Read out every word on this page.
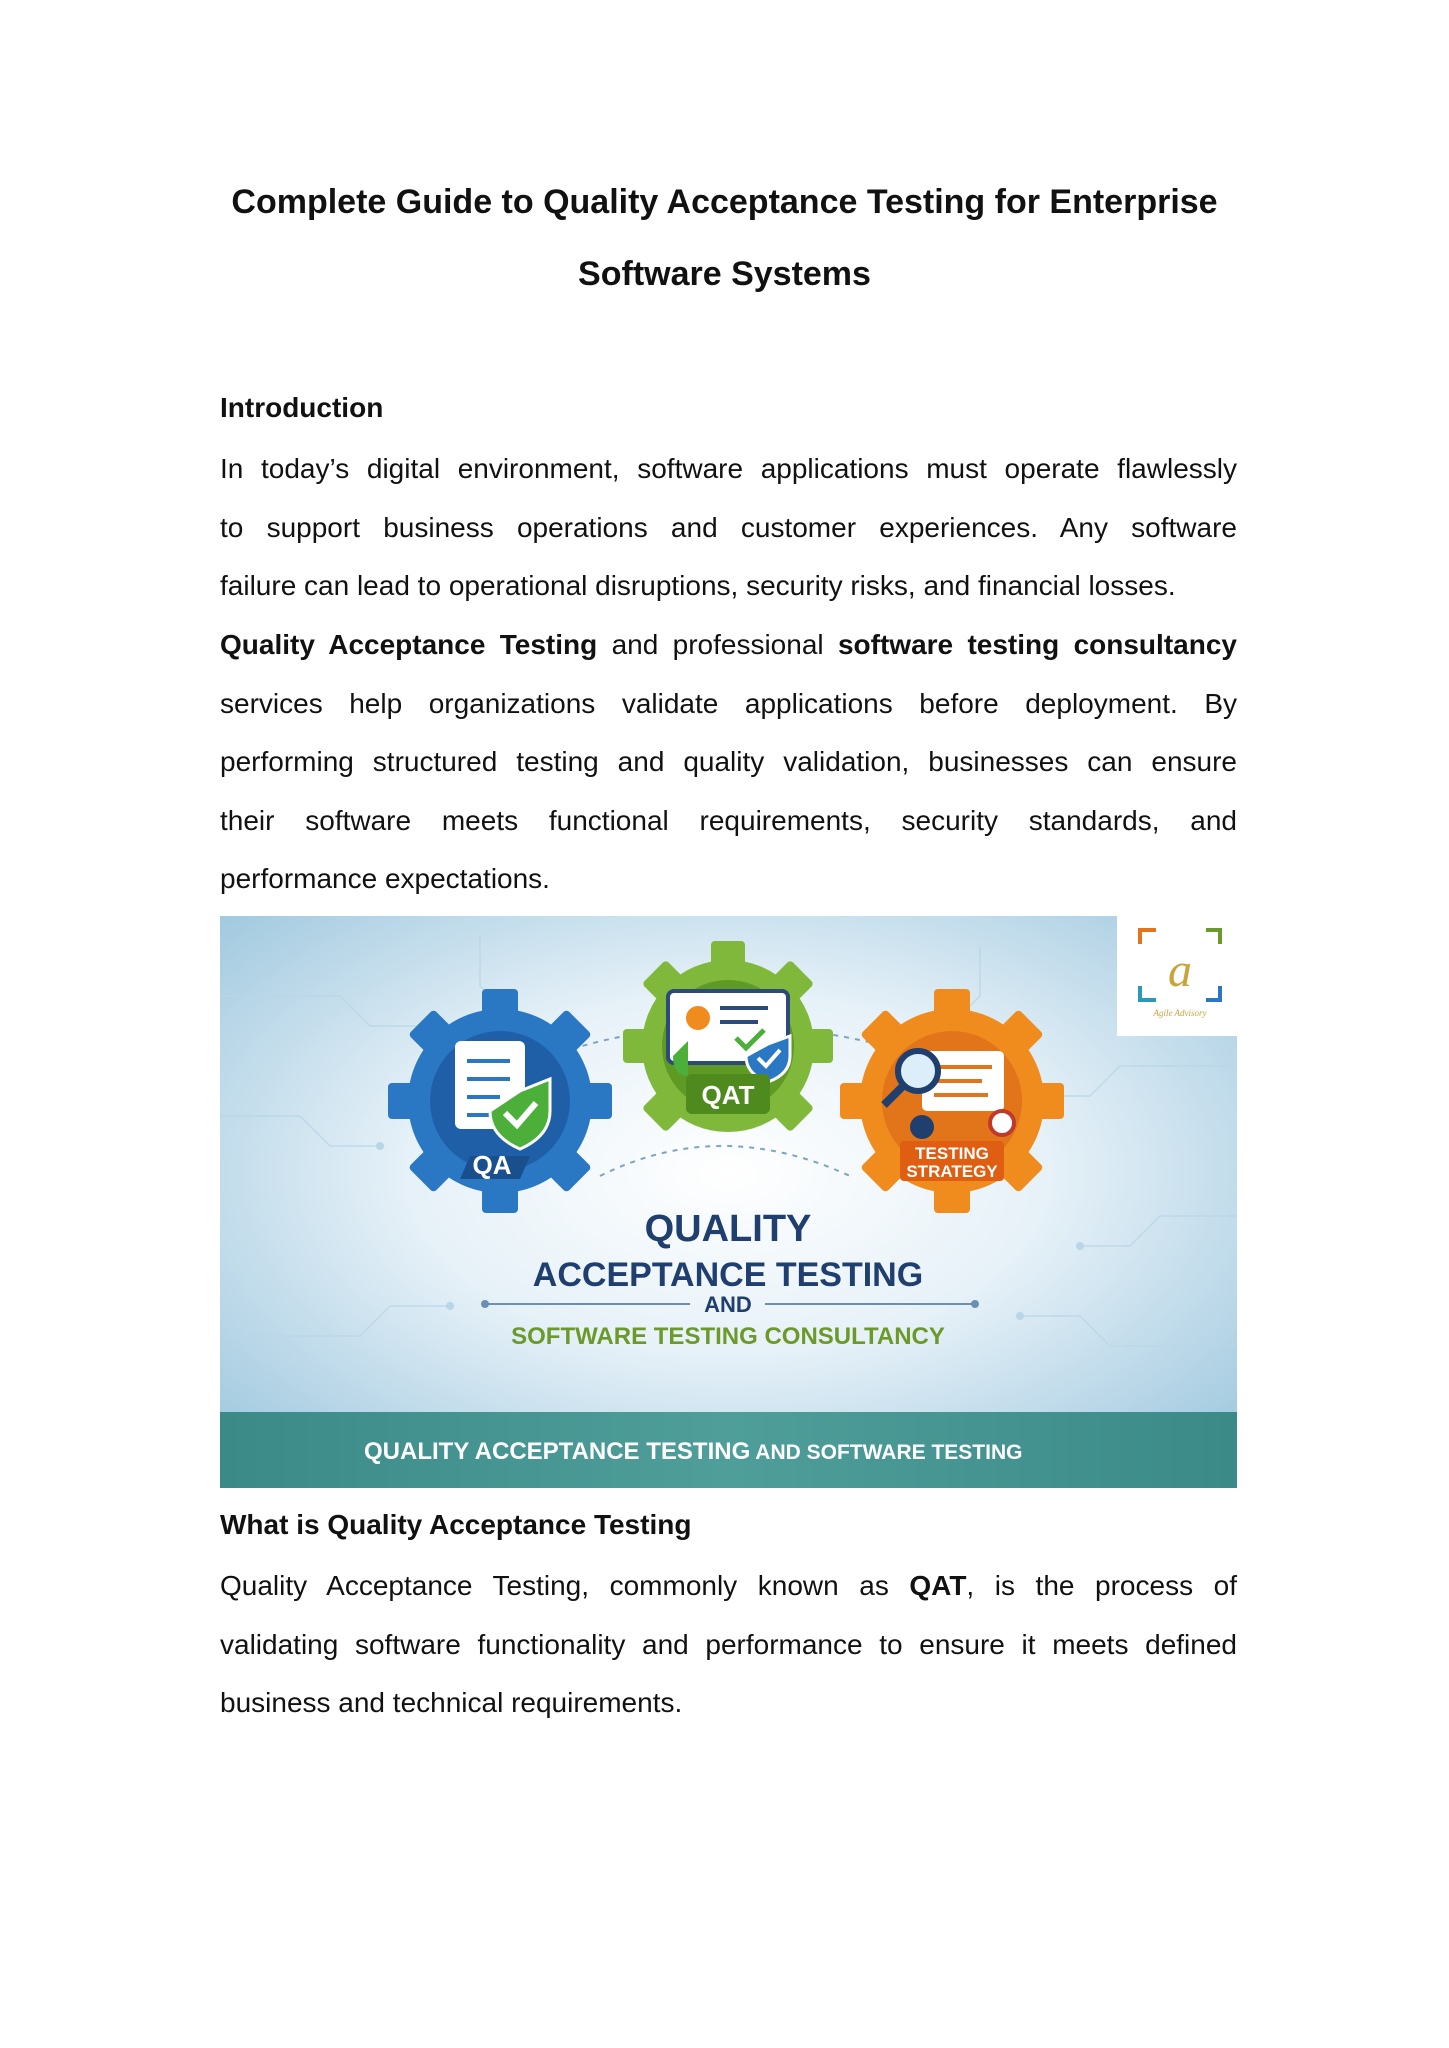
Complete Guide to Quality Acceptance Testing for Enterprise
Software Systems
Introduction
In today’s digital environment, software applications must operate flawlessly
to support business operations and customer experiences. Any software
failure can lead to operational disruptions, security risks, and financial losses.
Quality Acceptance Testing and professional software testing consultancy
services help organizations validate applications before deployment. By
performing structured testing and quality validation, businesses can ensure
their software meets functional requirements, security standards, and
performance expectations.
QA
QAT
TESTING
STRATEGY
QUALITY
ACCEPTANCE TESTING
AND
SOFTWARE TESTING CONSULTANCY
QUALITY ACCEPTANCE TESTING AND SOFTWARE TESTING
a
Agile Advisory
What is Quality Acceptance Testing
Quality Acceptance Testing, commonly known as QAT, is the process of
validating software functionality and performance to ensure it meets defined
business and technical requirements.
